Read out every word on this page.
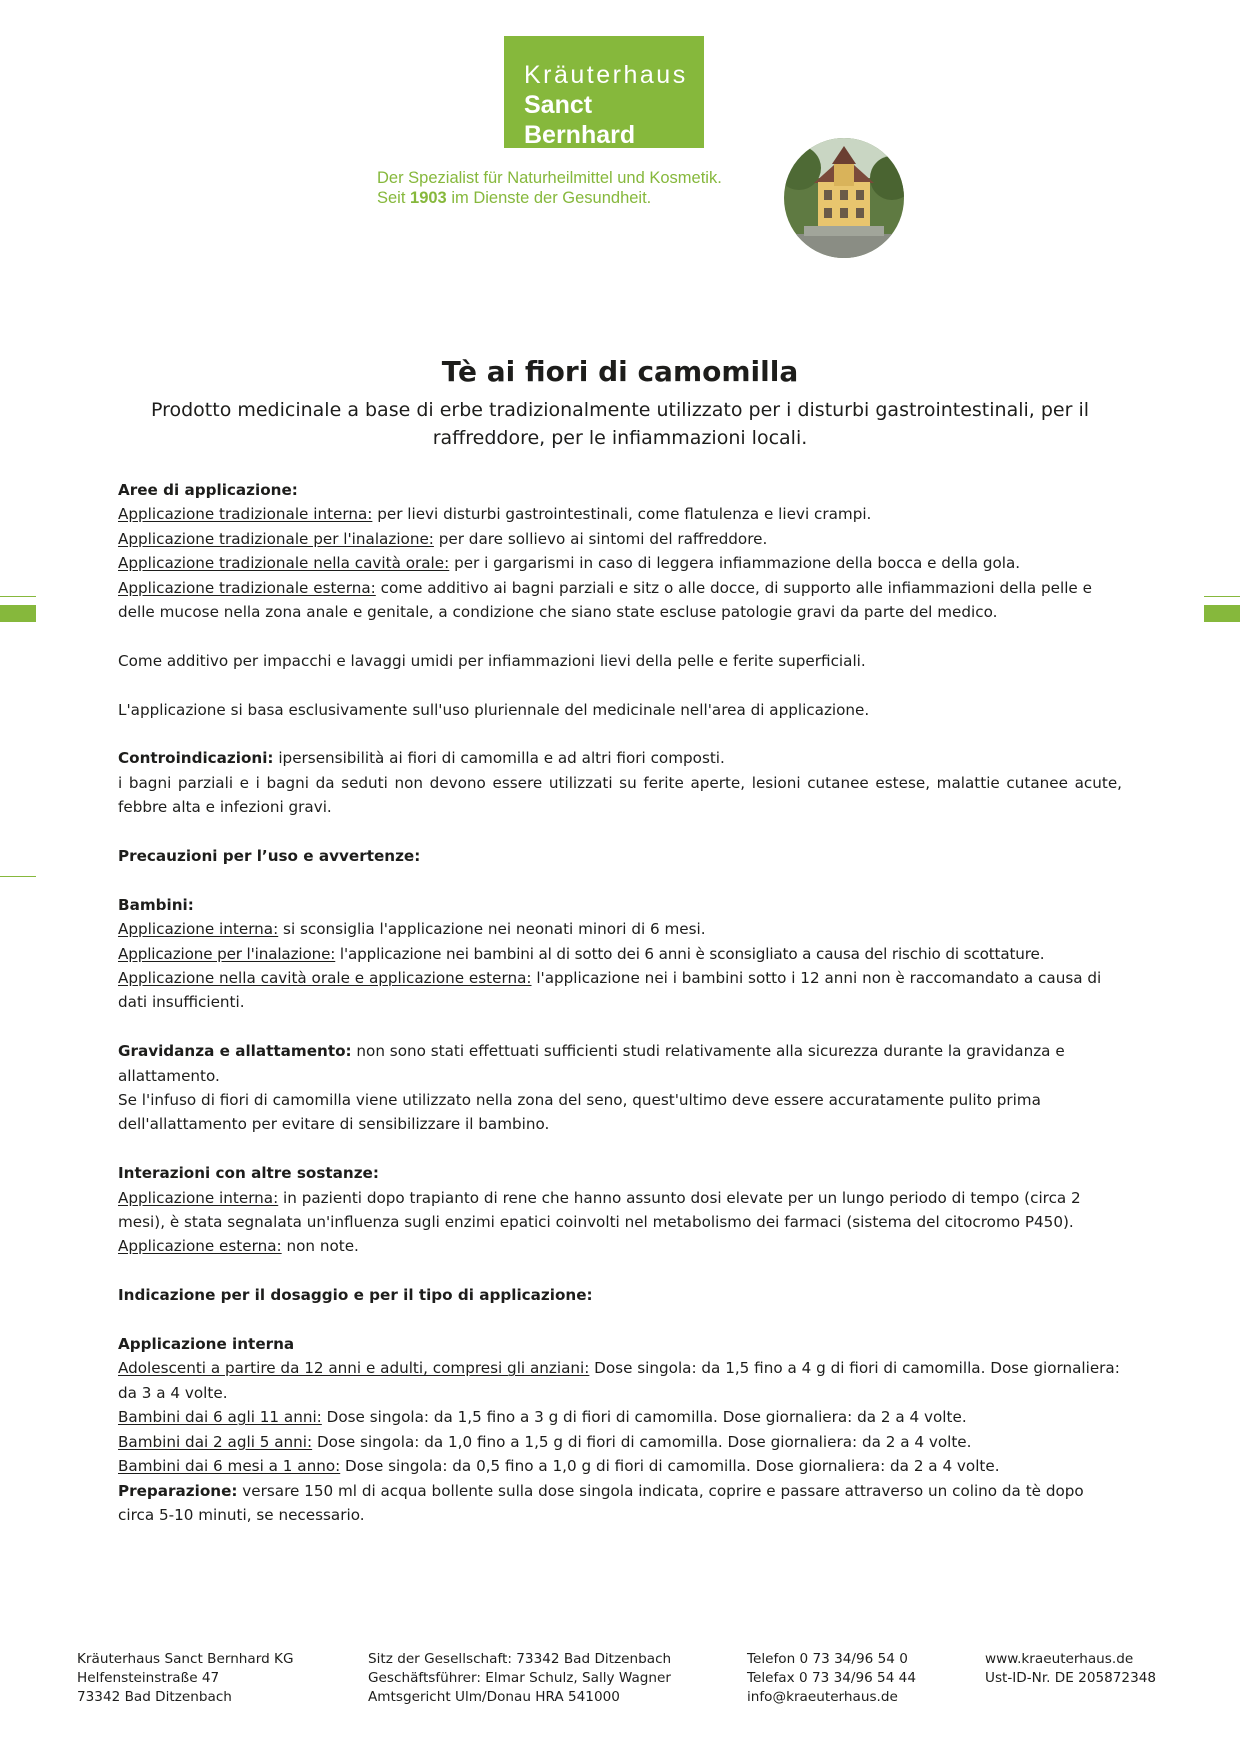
Kräuterhaus
Sanct Bernhard
Der Spezialist für Naturheilmittel und Kosmetik.
Seit 1903 im Dienste der Gesundheit.
Tè ai fiori di camomilla

Prodotto medicinale a base di erbe tradizionalmente utilizzato per i disturbi gastrointestinali, per il raffreddore, per le infiammazioni locali.

Aree di applicazione:

Applicazione tradizionale interna: per lievi disturbi gastrointestinali, come flatulenza e lievi crampi.

Applicazione tradizionale per l'inalazione: per dare sollievo ai sintomi del raffreddore.

Applicazione tradizionale nella cavità orale: per i gargarismi in caso di leggera infiammazione della bocca e della gola.

Applicazione tradizionale esterna: come additivo ai bagni parziali e sitz o alle docce, di supporto alle infiammazioni della pelle e delle mucose nella zona anale e genitale, a condizione che siano state escluse patologie gravi da parte del medico.

Come additivo per impacchi e lavaggi umidi per infiammazioni lievi della pelle e ferite superficiali.

L'applicazione si basa esclusivamente sull'uso pluriennale del medicinale nell'area di applicazione.

Controindicazioni: ipersensibilità ai fiori di camomilla e ad altri fiori composti.

i bagni parziali e i bagni da seduti non devono essere utilizzati su ferite aperte, lesioni cutanee estese, malattie cutanee acute, febbre alta e infezioni gravi.

Precauzioni per l’uso e avvertenze:

Bambini:

Applicazione interna: si sconsiglia l'applicazione nei neonati minori di 6 mesi.

Applicazione per l'inalazione: l'applicazione nei bambini al di sotto dei 6 anni è sconsigliato a causa del rischio di scottature.

Applicazione nella cavità orale e applicazione esterna: l'applicazione nei i bambini sotto i 12 anni non è raccomandato a causa di dati insufficienti.

Gravidanza e allattamento: non sono stati effettuati sufficienti studi relativamente alla sicurezza durante la gravidanza e allattamento.

Se l'infuso di fiori di camomilla viene utilizzato nella zona del seno, quest'ultimo deve essere accuratamente pulito prima dell'allattamento per evitare di sensibilizzare il bambino.

Interazioni con altre sostanze:

Applicazione interna: in pazienti dopo trapianto di rene che hanno assunto dosi elevate per un lungo periodo di tempo (circa 2 mesi), è stata segnalata un'influenza sugli enzimi epatici coinvolti nel metabolismo dei farmaci (sistema del citocromo P450).

Applicazione esterna: non note.

Indicazione per il dosaggio e per il tipo di applicazione:

Applicazione interna

Adolescenti a partire da 12 anni e adulti, compresi gli anziani: Dose singola: da 1,5 fino a 4 g di fiori di camomilla. Dose giornaliera: da 3 a 4 volte.

Bambini dai 6 agli 11 anni: Dose singola: da 1,5 fino a 3 g di fiori di camomilla. Dose giornaliera: da 2 a 4 volte.

Bambini dai 2 agli 5 anni: Dose singola: da 1,0 fino a 1,5 g di fiori di camomilla. Dose giornaliera: da 2 a 4 volte.

Bambini dai 6 mesi a 1 anno: Dose singola: da 0,5 fino a 1,0 g di fiori di camomilla. Dose giornaliera: da 2 a 4 volte.

Preparazione: versare 150 ml di acqua bollente sulla dose singola indicata, coprire e passare attraverso un colino da tè dopo circa 5-10 minuti, se necessario.

Kräuterhaus Sanct Bernhard KG
Helfensteinstraße 47
73342 Bad Ditzenbach
Sitz der Gesellschaft: 73342 Bad Ditzenbach
Geschäftsführer: Elmar Schulz, Sally Wagner
Amtsgericht Ulm/Donau HRA 541000
Telefon 0 73 34/96 54 0
Telefax 0 73 34/96 54 44
info@kraeuterhaus.de
www.kraeuterhaus.de
Ust-ID-Nr. DE 205872348
